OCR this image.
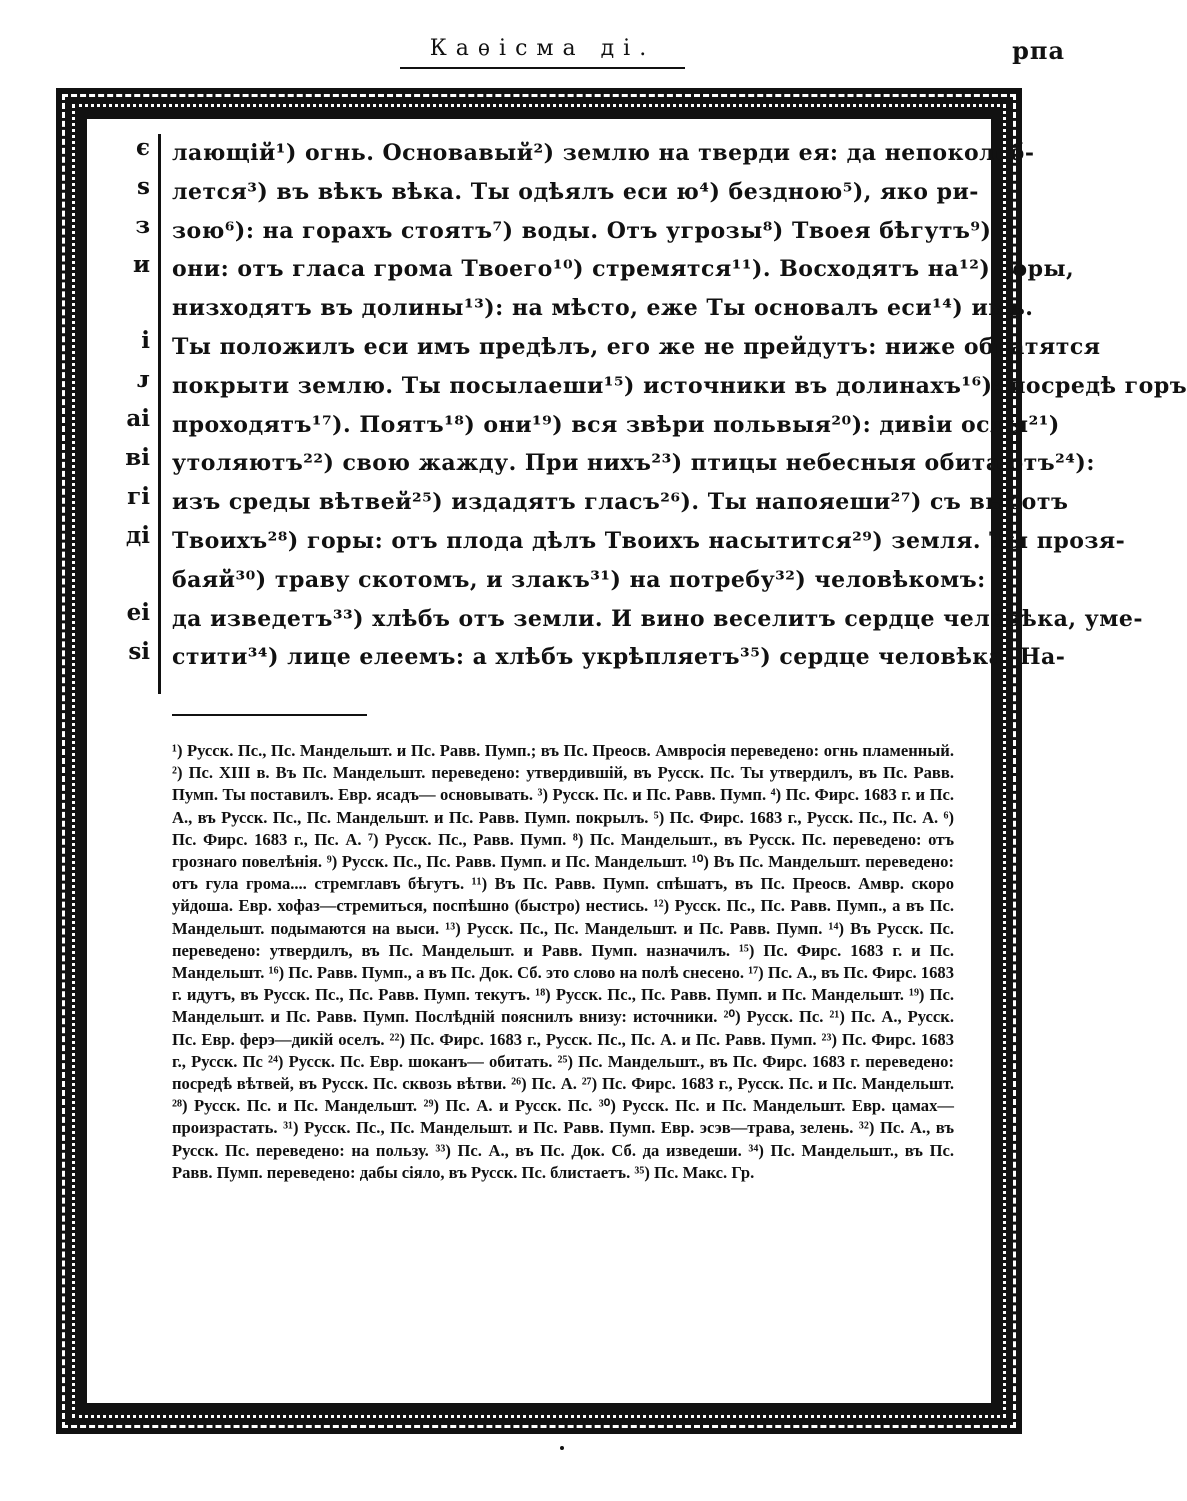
Каѳісма ді.	рпа
є
ѕ
з
и
і
ᴊ
аі
ві
гі
ді
еі
ѕі
лающій¹) огнь. Основавый²) землю на тверди ея: да непоколеб-
лется³) въ вѣкъ вѣка. Ты одѣялъ еси ю⁴) бездною⁵), яко ри-
зою⁶): на горахъ стоятъ⁷) воды. Отъ угрозы⁸) Твоея бѣгутъ⁹)
они: отъ гласа грома Твоего¹⁰) стремятся¹¹). Восходятъ на¹²) горы,
низходятъ въ долины¹³): на мѣсто, еже Ты основалъ еси¹⁴) имъ.
Ты положилъ еси имъ предѣлъ, его же не прейдутъ: ниже обратятся
покрыти землю. Ты посылаеши¹⁵) источники въ долинахъ¹⁶): посредѣ горъ
проходятъ¹⁷). Поятъ¹⁸) они¹⁹) вся звѣри польвыя²⁰): дивіи ослы²¹)
утоляютъ²²) свою жажду. При нихъ²³) птицы небесныя обитаютъ²⁴):
изъ среды вѣтвей²⁵) издадятъ гласъ²⁶). Ты напояеши²⁷) съ высотъ
Твоихъ²⁸) горы: отъ плода дѣлъ Твоихъ насытится²⁹) земля. Ты прозя-
баяй³⁰) траву скотомъ, и злакъ³¹) на потребу³²) человѣкомъ:
да изведетъ³³) хлѣбъ отъ земли. И вино веселитъ сердце человѣка, уме-
стити³⁴) лице елеемъ: а хлѣбъ укрѣпляетъ³⁵) сердце человѣка. На-
¹) Русск. Пс., Пс. Мандельшт. и Пс. Равв. Пумп.; въ Пс. Преосв. Амвросія переведено: огнь пламенный. ²) Пс. XIII в. Въ Пс. Мандельшт. переведено: утвердившій, въ Русск. Пс. Ты утвердилъ, въ Пс. Равв. Пумп. Ты поставилъ. Евр. ясадъ— основывать. ³) Русск. Пс. и Пс. Равв. Пумп. ⁴) Пс. Фирс. 1683 г. и Пс. А., въ Русск. Пс., Пс. Мандельшт. и Пс. Равв. Пумп. покрылъ. ⁵) Пс. Фирс. 1683 г., Русск. Пс., Пс. А. ⁶) Пс. Фирс. 1683 г., Пс. А. ⁷) Русск. Пс., Равв. Пумп. ⁸) Пс. Мандельшт., въ Русск. Пс. переведено: отъ грознаго повелѣнія. ⁹) Русск. Пс., Пс. Равв. Пумп. и Пс. Мандельшт. ¹⁰) Въ Пс. Мандельшт. переведено: отъ гула грома.... стремглавъ бѣгутъ. ¹¹) Въ Пс. Равв. Пумп. спѣшатъ, въ Пс. Преосв. Амвр. скоро уйдоша. Евр. хофаз—стремиться, поспѣшно (быстро) нестись. ¹²) Русск. Пс., Пс. Равв. Пумп., а въ Пс. Мандельшт. подымаются на выси. ¹³) Русск. Пс., Пс. Мандельшт. и Пс. Равв. Пумп. ¹⁴) Въ Русск. Пс. переведено: утвердилъ, въ Пс. Мандельшт. и Равв. Пумп. назначилъ. ¹⁵) Пс. Фирс. 1683 г. и Пс. Мандельшт. ¹⁶) Пс. Равв. Пумп., а въ Пс. Док. Сб. это слово на полѣ снесено. ¹⁷) Пс. А., въ Пс. Фирс. 1683 г. идутъ, въ Русск. Пс., Пс. Равв. Пумп. текутъ. ¹⁸) Русск. Пс., Пс. Равв. Пумп. и Пс. Мандельшт. ¹⁹) Пс. Мандельшт. и Пс. Равв. Пумп. Послѣдній пояснилъ внизу: источники. ²⁰) Русск. Пс. ²¹) Пс. А., Русск. Пс. Евр. ферэ—дикій оселъ. ²²) Пс. Фирс. 1683 г., Русск. Пс., Пс. А. и Пс. Равв. Пумп. ²³) Пс. Фирс. 1683 г., Русск. Пс ²⁴) Русск. Пс. Евр. шоканъ— обитать. ²⁵) Пс. Мандельшт., въ Пс. Фирс. 1683 г. переведено: посредѣ вѣтвей, въ Русск. Пс. сквозь вѣтви. ²⁶) Пс. А. ²⁷) Пс. Фирс. 1683 г., Русск. Пс. и Пс. Мандельшт. ²⁸) Русск. Пс. и Пс. Мандельшт. ²⁹) Пс. А. и Русск. Пс. ³⁰) Русск. Пс. и Пс. Мандельшт. Евр. цамах—произрастать. ³¹) Русск. Пс., Пс. Мандельшт. и Пс. Равв. Пумп. Евр. эсэв—трава, зелень. ³²) Пс. А., въ Русск. Пс. переведено: на пользу. ³³) Пс. А., въ Пс. Док. Сб. да изведеши. ³⁴) Пс. Мандельшт., въ Пс. Равв. Пумп. переведено: дабы сіяло, въ Русск. Пс. блистаетъ. ³⁵) Пс. Макс. Гр.
